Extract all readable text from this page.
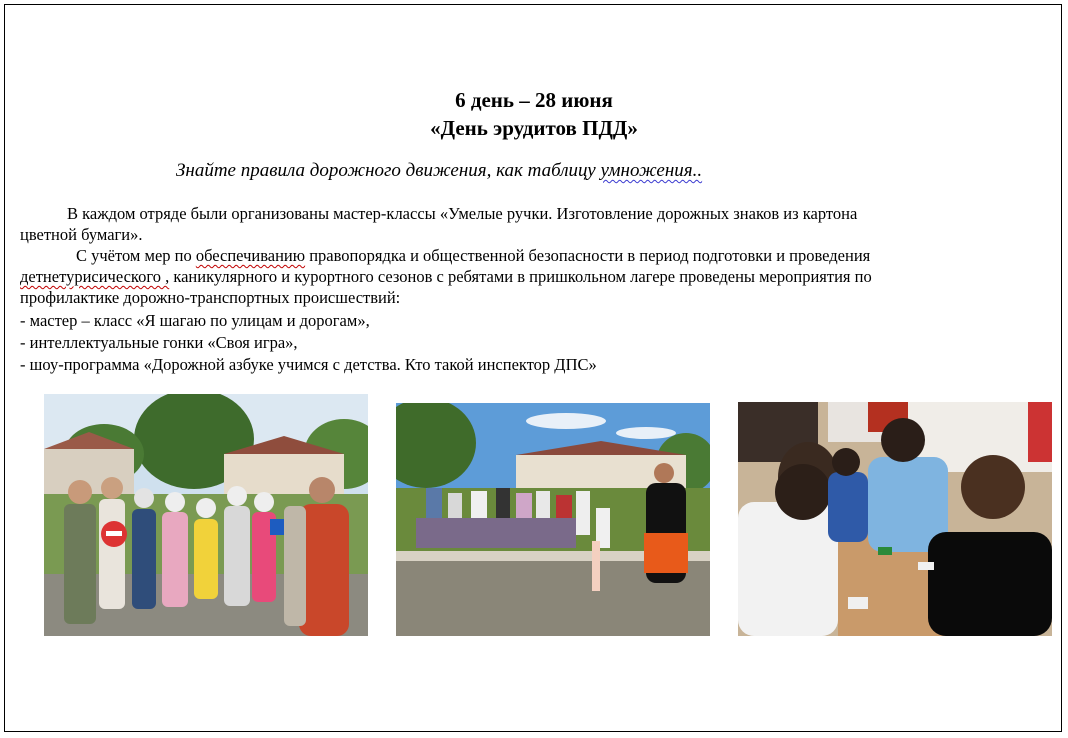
6 день – 28 июня
«День эрудитов ПДД»
Знайте правила дорожного движения, как таблицу умножения..
В каждом отряде были организованы мастер-классы «Умелые ручки. Изготовление дорожных знаков из картона
цветной бумаги».
С учётом мер по обеспечиванию правопорядка и общественной безопасности в период подготовки и проведения
детнетурисического , каникулярного и курортного сезонов с ребятами в пришкольном лагере проведены мероприятия по
профилактике дорожно-транспортных происшествий:
- мастер – класс «Я шагаю по улицам и дорогам»,
- интеллектуальные гонки «Своя игра»,
- шоу-программа «Дорожной азбуке учимся с детства. Кто такой инспектор ДПС»
